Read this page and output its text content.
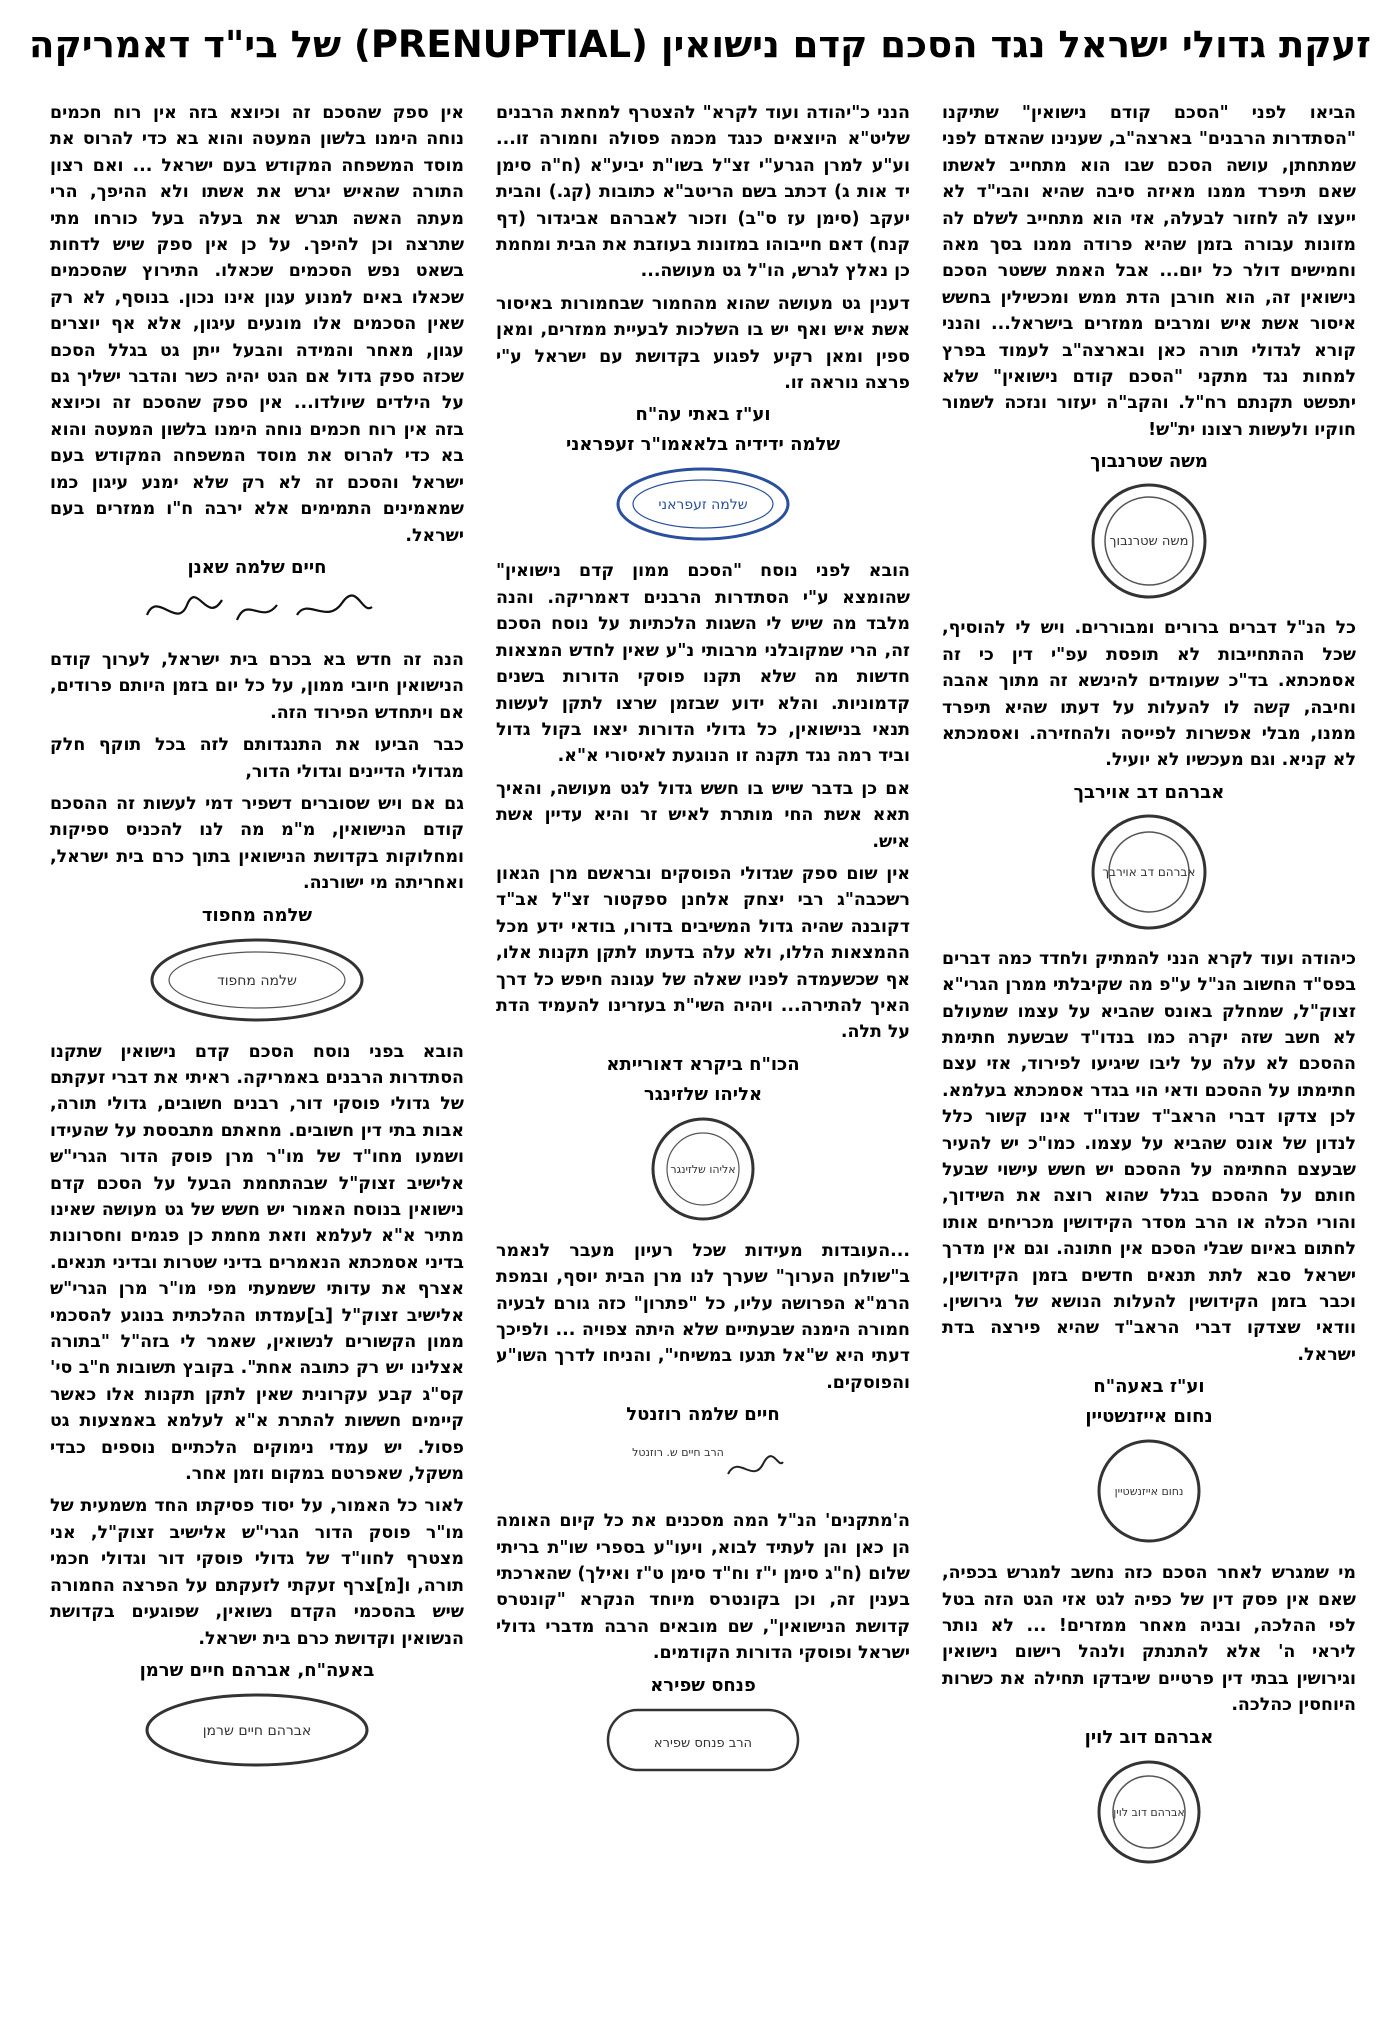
זעקת גדולי ישראל נגד הסכם קדם נישואין (PRENUPTIAL) של בי"ד דאמריקה

הביאו לפני "הסכם קודם נישואין" שתיקנו "הסתדרות הרבנים" בארצה"ב, שענינו שהאדם לפני שמתחתן, עושה הסכם שבו הוא מתחייב לאשתו שאם תיפרד ממנו מאיזה סיבה שהיא והבי"ד לא ייעצו לה לחזור לבעלה, אזי הוא מתחייב לשלם לה מזונות עבורה בזמן שהיא פרודה ממנו בסך מאה וחמישים דולר כל יום... אבל האמת ששטר הסכם נישואין זה, הוא חורבן הדת ממש ומכשילין בחשש איסור אשת איש ומרבים ממזרים בישראל... והנני קורא לגדולי תורה כאן ובארצה"ב לעמוד בפרץ למחות נגד מתקני "הסכם קודם נישואין" שלא יתפשט תקנתם רח"ל. והקב"ה יעזור ונזכה לשמור חוקיו ולעשות רצונו ית"ש!

משה שטרנבוך
משה שטרנבוך

כל הנ"ל דברים ברורים ומבוררים. ויש לי להוסיף, שכל ההתחייבות לא תופסת עפ"י דין כי זה אסמכתא. בד"כ שעומדים להינשא זה מתוך אהבה וחיבה, קשה לו להעלות על דעתו שהיא תיפרד ממנו, מבלי אפשרות לפייסה ולהחזירה. ואסמכתא לא קניא. וגם מעכשיו לא יועיל.

אברהם דב אוירבך
אברהם דב אוירבך

כיהודה ועוד לקרא הנני להמתיק ולחדד כמה דברים בפס"ד החשוב הנ"ל ע"פ מה שקיבלתי ממרן הגרי"א זצוק"ל, שמחלק באונס שהביא על עצמו שמעולם לא חשב שזה יקרה כמו בנדו"ד שבשעת חתימת ההסכם לא עלה על ליבו שיגיעו לפירוד, אזי עצם חתימתו על ההסכם ודאי הוי בגדר אסמכתא בעלמא. לכן צדקו דברי הראב"ד שנדו"ד אינו קשור כלל לנדון של אונס שהביא על עצמו. כמו"כ יש להעיר שבעצם החתימה על ההסכם יש חשש עישוי שבעל חותם על ההסכם בגלל שהוא רוצה את השידוך, והורי הכלה או הרב מסדר הקידושין מכריחים אותו לחתום באיום שבלי הסכם אין חתונה. וגם אין מדרך ישראל סבא לתת תנאים חדשים בזמן הקידושין, וכבר בזמן הקידושין להעלות הנושא של גירושין. וודאי שצדקו דברי הראב"ד שהיא פירצה בדת ישראל.

וע"ז באעה"ח
נחום אייזנשטיין
נחום אייזנשטיין

מי שמגרש לאחר הסכם כזה נחשב למגרש בכפיה, שאם אין פסק דין של כפיה לגט אזי הגט הזה בטל לפי ההלכה, ובניה מאחר ממזרים! ... לא נותר ליראי ה' אלא להתנתק ולנהל רישום נישואין וגירושין בבתי דין פרטיים שיבדקו תחילה את כשרות היוחסין כהלכה.

אברהם דוב לוין
אברהם דוב לוין

הנני כ"יהודה ועוד לקרא" להצטרף למחאת הרבנים שליט"א היוצאים כנגד מכמה פסולה וחמורה זו... וע"ע למרן הגרע"י זצ"ל בשו"ת יביע"א (ח"ה סימן יד אות ג) דכתב בשם הריטב"א כתובות (קג.) והבית יעקב (סימן עז ס"ב) וזכור לאברהם אביגדור (דף קנח) דאם חייבוהו במזונות בעוזבת את הבית ומחמת כן נאלץ לגרש, הו"ל גט מעושה...

דענין גט מעושה שהוא מהחמור שבחמורות באיסור אשת איש ואף יש בו השלכות לבעיית ממזרים, ומאן ספין ומאן רקיע לפגוע בקדושת עם ישראל ע"י פרצה נוראה זו.

וע"ז באתי עה"ח
שלמה ידידיה בלאאמו"ר זעפראני
שלמה זעפראני

הובא לפני נוסח "הסכם ממון קדם נישואין" שהומצא ע"י הסתדרות הרבנים דאמריקה. והנה מלבד מה שיש לי השגות הלכתיות על נוסח הסכם זה, הרי שמקובלני מרבותי נ"ע שאין לחדש המצאות חדשות מה שלא תקנו פוסקי הדורות בשנים קדמוניות. והלא ידוע שבזמן שרצו לתקן לעשות תנאי בנישואין, כל גדולי הדורות יצאו בקול גדול וביד רמה נגד תקנה זו הנוגעת לאיסורי א"א.

אם כן בדבר שיש בו חשש גדול לגט מעושה, והאיך תאא אשת החי מותרת לאיש זר והיא עדיין אשת איש.

אין שום ספק שגדולי הפוסקים ובראשם מרן הגאון רשכבה"ג רבי יצחק אלחנן ספקטור זצ"ל אב"ד דקובנה שהיה גדול המשיבים בדורו, בודאי ידע מכל ההמצאות הללו, ולא עלה בדעתו לתקן תקנות אלו, אף שכשעמדה לפניו שאלה של עגונה חיפש כל דרך האיך להתירה... ויהיה השי"ת בעזרינו להעמיד הדת על תלה.

הכו"ח ביקרא דאורייתא
אליהו שלזינגר
אליהו שלזינגר

...העובדות מעידות שכל רעיון מעבר לנאמר ב"שולחן הערוך" שערך לנו מרן הבית יוסף, ובמפת הרמ"א הפרושה עליו, כל "פתרון" כזה גורם לבעיה חמורה הימנה שבעתיים שלא היתה צפויה ... ולפיכך דעתי היא ש"אל תגעו במשיחי", והניחו לדרך השו"ע והפוסקים.

חיים שלמה רוזנטל
הרב חיים ש. רוזנטל

ה'מתקנים' הנ"ל המה מסכנים את כל קיום האומה הן כאן והן לעתיד לבוא, ויעו"ע בספרי שו"ת בריתי שלום (ח"ג סימן י"ז וח"ד סימן ט"ז ואילך) שהארכתי בענין זה, וכן בקונטרס מיוחד הנקרא "קונטרס קדושת הנישואין", שם מובאים הרבה מדברי גדולי ישראל ופוסקי הדורות הקודמים.

פנחס שפירא
הרב פנחס שפירא

אין ספק שהסכם זה וכיוצא בזה אין רוח חכמים נוחה הימנו בלשון המעטה והוא בא כדי להרוס את מוסד המשפחה המקודש בעם ישראל ... ואם רצון התורה שהאיש יגרש את אשתו ולא ההיפך, הרי מעתה האשה תגרש את בעלה בעל כורחו מתי שתרצה וכן להיפך. על כן אין ספק שיש לדחות בשאט נפש הסכמים שכאלו. התירוץ שהסכמים שכאלו באים למנוע עגון אינו נכון. בנוסף, לא רק שאין הסכמים אלו מונעים עיגון, אלא אף יוצרים עגון, מאחר והמידה והבעל ייתן גט בגלל הסכם שכזה ספק גדול אם הגט יהיה כשר והדבר ישליך גם על הילדים שיולדו... אין ספק שהסכם זה וכיוצא בזה אין רוח חכמים נוחה הימנו בלשון המעטה והוא בא כדי להרוס את מוסד המשפחה המקודש בעם ישראל והסכם זה לא רק שלא ימנע עיגון כמו שמאמינים התמימים אלא ירבה ח"ו ממזרים בעם ישראל.

חיים שלמה שאנן

הנה זה חדש בא בכרם בית ישראל, לערוך קודם הנישואין חיובי ממון, על כל יום בזמן היותם פרודים, אם ויתחדש הפירוד הזה.

כבר הביעו את התנגדותם לזה בכל תוקף חלק מגדולי הדיינים וגדולי הדור,

גם אם ויש שסוברים דשפיר דמי לעשות זה ההסכם קודם הנישואין, מ"מ מה לנו להכניס ספיקות ומחלוקות בקדושת הנישואין בתוך כרם בית ישראל, ואחריתה מי ישורנה.

שלמה מחפוד
שלמה מחפוד

הובא בפני נוסח הסכם קדם נישואין שתקנו הסתדרות הרבנים באמריקה. ראיתי את דברי זעקתם של גדולי פוסקי דור, רבנים חשובים, גדולי תורה, אבות בתי דין חשובים. מחאתם מתבססת על שהעידו ושמעו מחו"ד של מו"ר מרן פוסק הדור הגרי"ש אלישיב זצוק"ל שבהתחמת הבעל על הסכם קדם נישואין בנוסח האמור יש חשש של גט מעושה שאינו מתיר א"א לעלמא וזאת מחמת כן פגמים וחסרונות בדיני אסמכתא הנאמרים בדיני שטרות ובדיני תנאים. אצרף את עדותי ששמעתי מפי מו"ר מרן הגרי"ש אלישיב זצוק"ל [ב]עמדתו ההלכתית בנוגע להסכמי ממון הקשורים לנשואין, שאמר לי בזה"ל "בתורה אצלינו יש רק כתובה אחת". בקובץ תשובות ח"ב סי' קס"ג קבע עקרונית שאין לתקן תקנות אלו כאשר קיימים חששות להתרת א"א לעלמא באמצעות גט פסול. יש עמדי נימוקים הלכתיים נוספים כבדי משקל, שאפרטם במקום וזמן אחר.

לאור כל האמור, על יסוד פסיקתו החד משמעית של מו"ר פוסק הדור הגרי"ש אלישיב זצוק"ל, אני מצטרף לחוו"ד של גדולי פוסקי דור וגדולי חכמי תורה, ו[מ]צרף זעקתי לזעקתם על הפרצה החמורה שיש בהסכמי הקדם נשואין, שפוגעים בקדושת הנשואין וקדושת כרם בית ישראל.

באעה"ח, אברהם חיים שרמן
אברהם חיים שרמן
